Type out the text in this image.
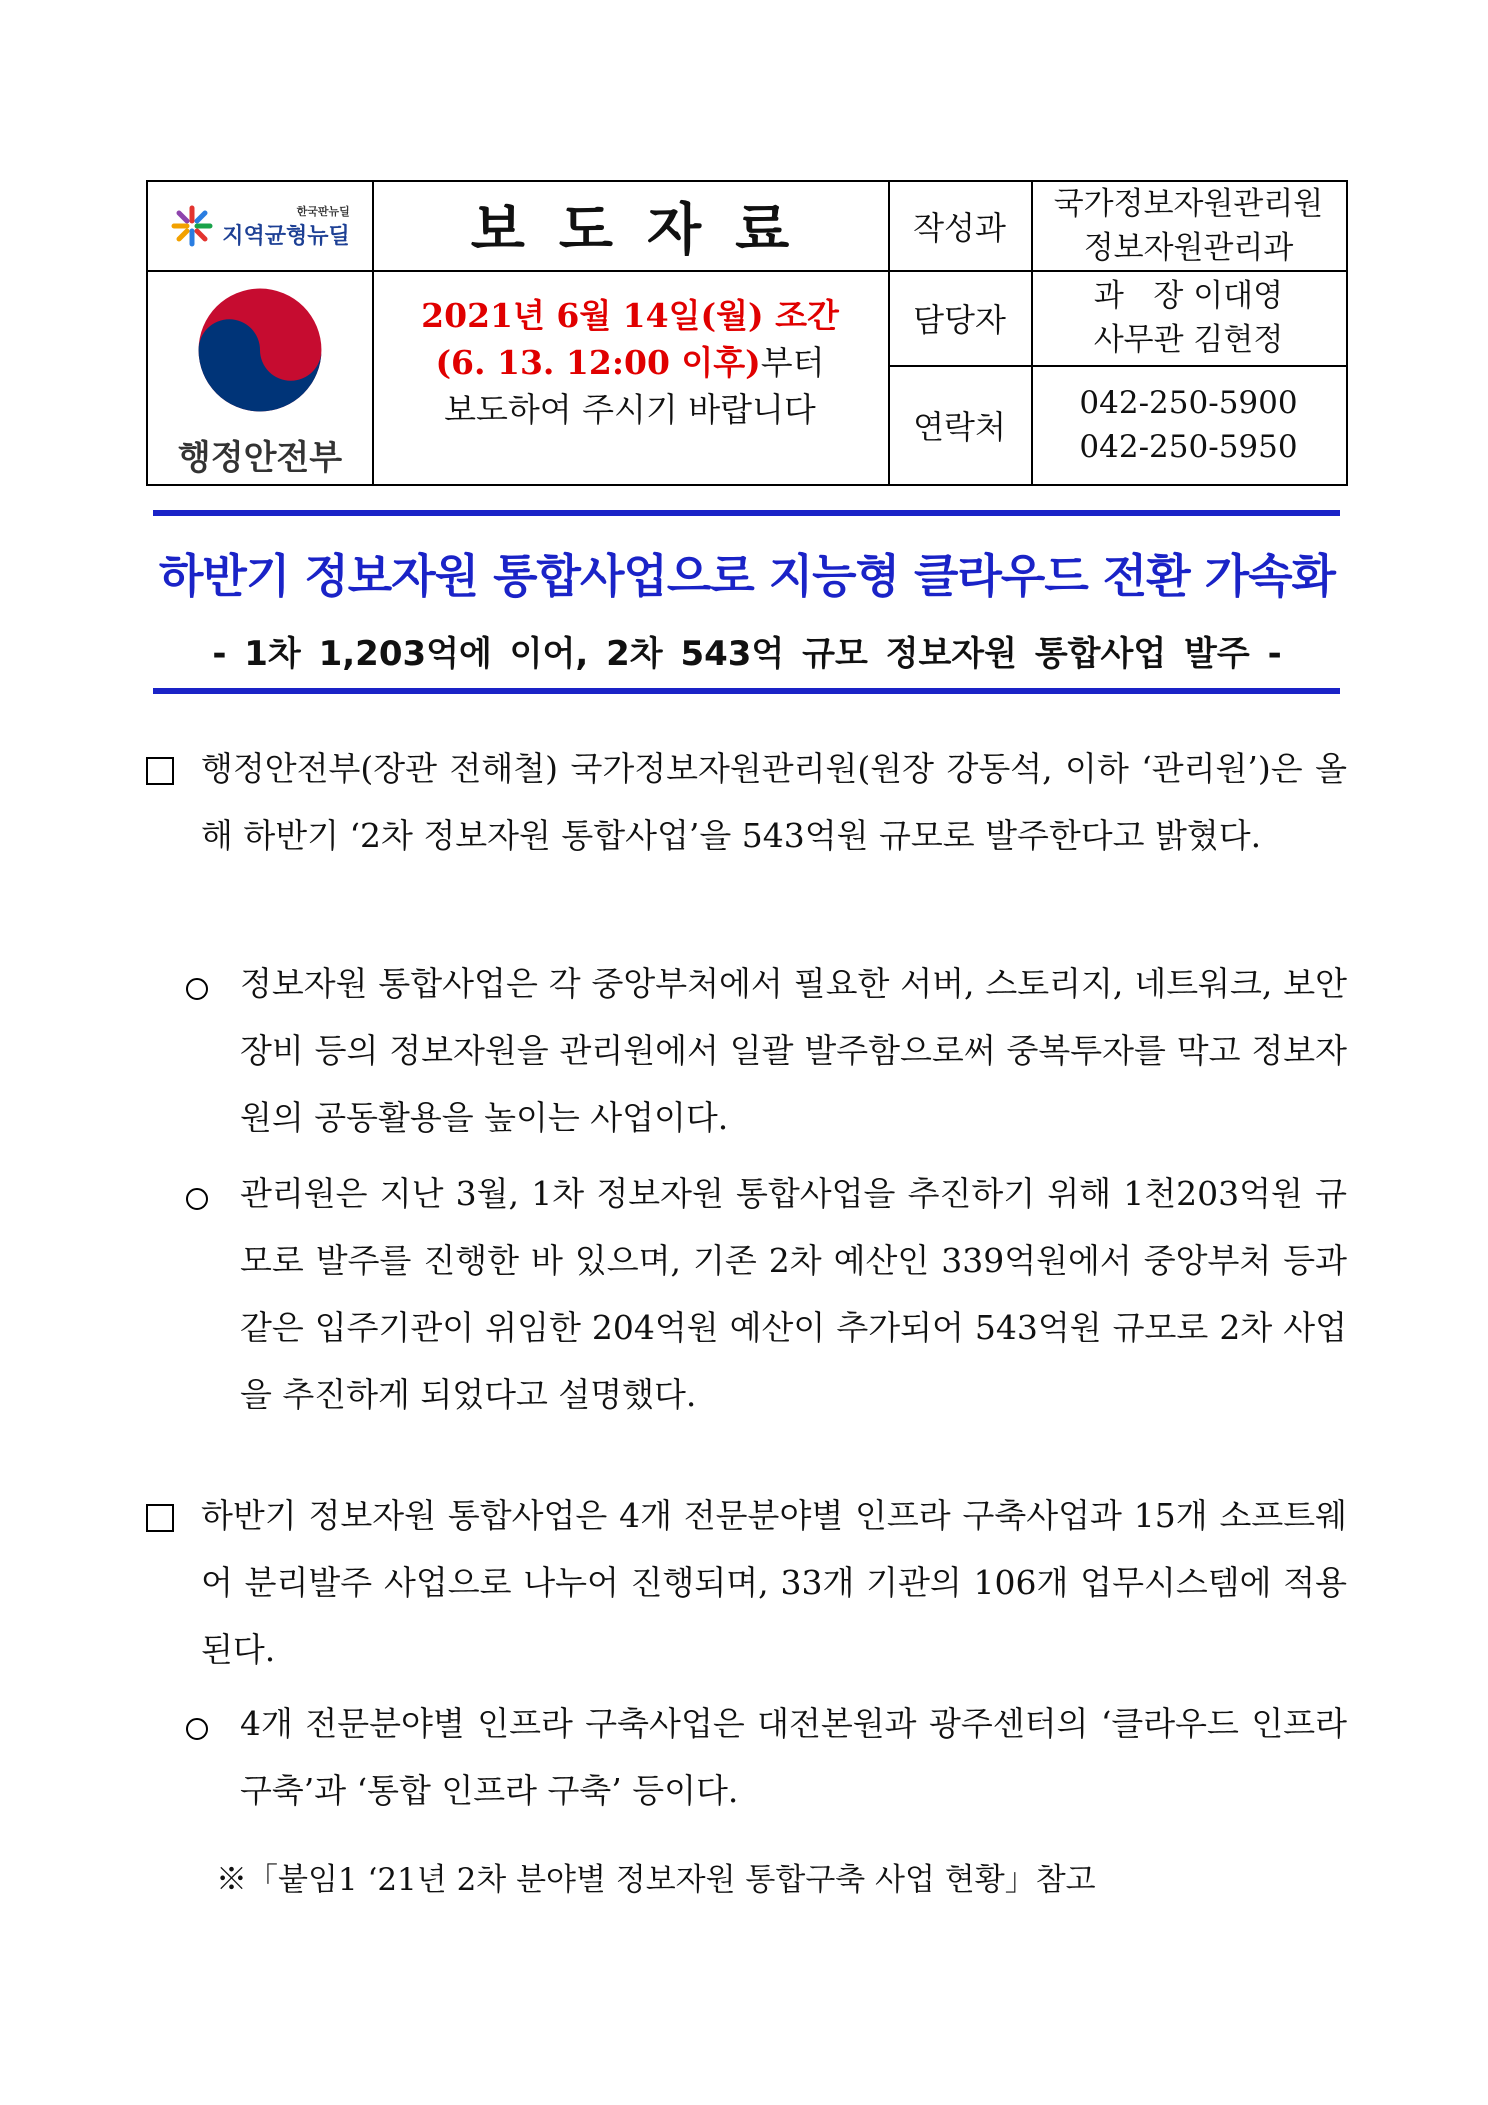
한국판뉴딜
지역균형뉴딜
행정안전부
보도자료
2021년 6월 14일(월) 조간
(6. 13. 12:00 이후)부터
보도하여 주시기 바랍니다
작성과
국가정보자원관리원
정보자원관리과
담당자
과   장 이대영
사무관 김현정
연락처
042-250-5900
042-250-5950
하반기 정보자원 통합사업으로 지능형 클라우드 전환 가속화
- 1차 1,203억에 이어, 2차 543억 규모 정보자원 통합사업 발주 -
행정안전부(장관 전해철) 국가정보자원관리원(원장 강동석, 이하 ‘관리원’)은 올해 하반기 ‘2차 정보자원 통합사업’을 543억원 규모로 발주한다고 밝혔다.
정보자원 통합사업은 각 중앙부처에서 필요한 서버, 스토리지, 네트워크, 보안장비 등의 정보자원을 관리원에서 일괄 발주함으로써 중복투자를 막고 정보자원의 공동활용을 높이는 사업이다.
관리원은 지난 3월, 1차 정보자원 통합사업을 추진하기 위해 1천203억원 규모로 발주를 진행한 바 있으며, 기존 2차 예산인 339억원에서 중앙부처 등과 같은 입주기관이 위임한 204억원 예산이 추가되어 543억원 규모로 2차 사업을 추진하게 되었다고 설명했다.
하반기 정보자원 통합사업은 4개 전문분야별 인프라 구축사업과 15개 소프트웨어 분리발주 사업으로 나누어 진행되며, 33개 기관의 106개 업무시스템에 적용된다.
4개 전문분야별 인프라 구축사업은 대전본원과 광주센터의 ‘클라우드 인프라 구축’과 ‘통합 인프라 구축’ 등이다.
※「붙임1 ‘21년 2차 분야별 정보자원 통합구축 사업 현황」참고
